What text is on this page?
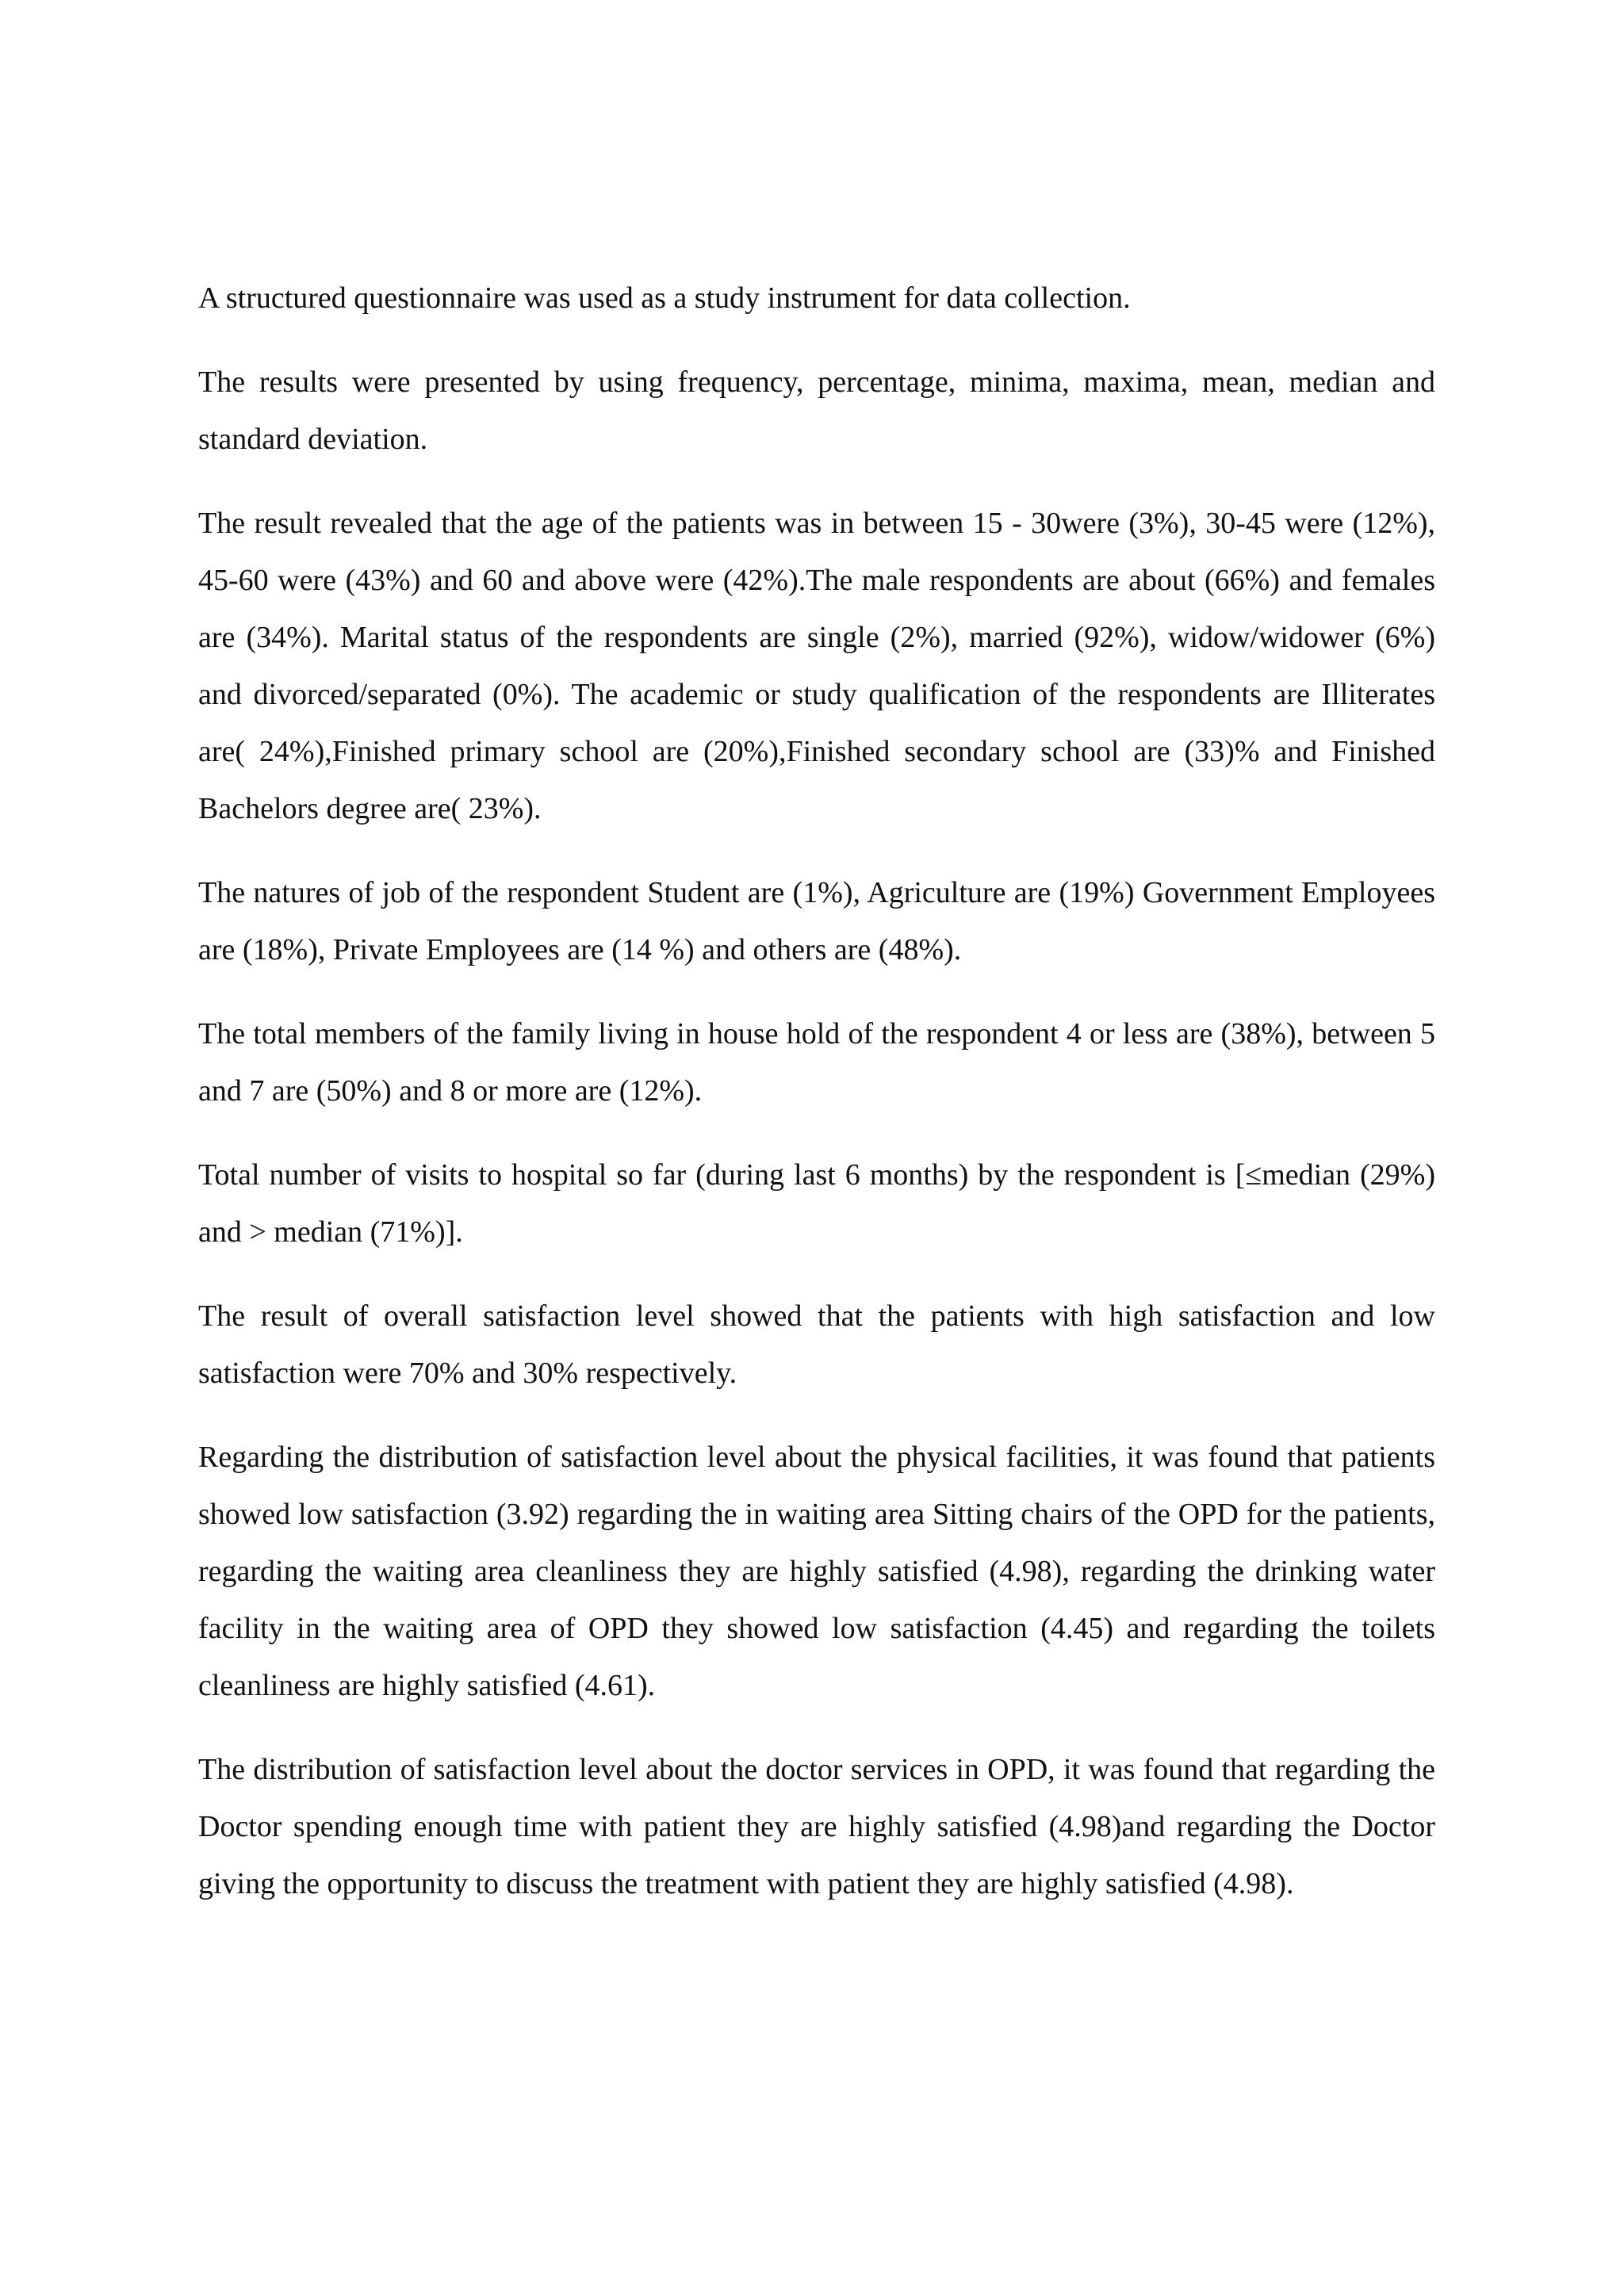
A structured questionnaire was used as a study instrument for data collection.

The results were presented by using frequency, percentage, minima, maxima, mean, median and standard deviation.

The result revealed that the age of the patients was in between 15 - 30were (3%), 30-45 were (12%), 45-60 were (43%) and 60 and above were (42%).The male respondents are about (66%) and females are (34%). Marital status of the respondents are single (2%), married (92%), widow/widower (6%) and divorced/separated (0%). The academic or study qualification of the respondents are Illiterates are( 24%),Finished primary school are (20%),Finished secondary school are (33)% and Finished Bachelors degree are( 23%).

The natures of job of the respondent Student are (1%), Agriculture are (19%) Government Employees are (18%), Private Employees are (14 %) and others are (48%).

The total members of the family living in house hold of the respondent 4 or less are (38%), between 5 and 7 are (50%) and 8 or more are (12%).

Total number of visits to hospital so far (during last 6 months) by the respondent is [≤median (29%) and > median (71%)].

The result of overall satisfaction level showed that the patients with high satisfaction and low satisfaction were 70% and 30% respectively.

Regarding the distribution of satisfaction level about the physical facilities, it was found that patients showed low satisfaction (3.92) regarding the in waiting area Sitting chairs of the OPD for the patients, regarding the waiting area cleanliness they are highly satisfied (4.98), regarding the drinking water facility in the waiting area of OPD they showed low satisfaction (4.45) and regarding the toilets cleanliness are highly satisfied (4.61).

The distribution of satisfaction level about the doctor services in OPD, it was found that regarding the Doctor spending enough time with patient they are highly satisfied (4.98)and regarding the Doctor giving the opportunity to discuss the treatment with patient they are highly satisfied (4.98).
